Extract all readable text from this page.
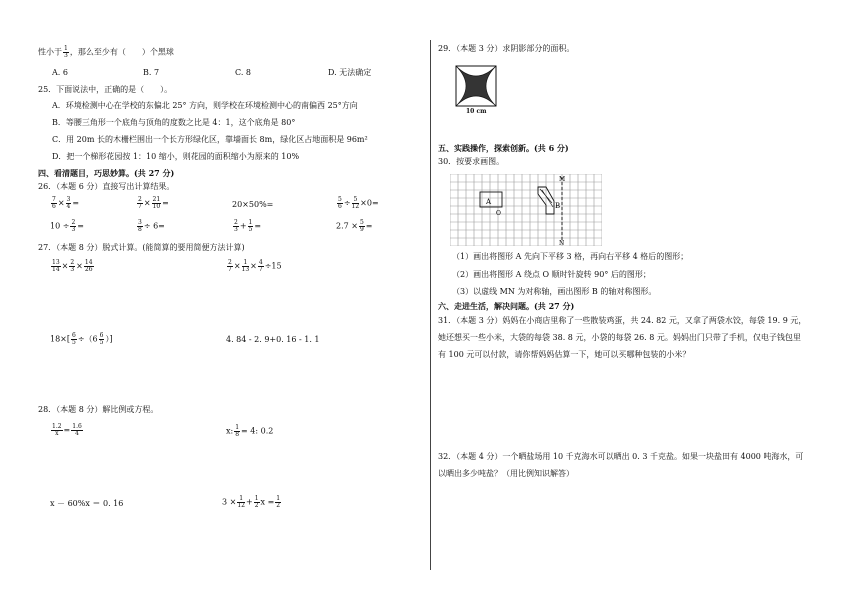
性小于 $\frac{1}{3}$ ，那么至少有（　　）个黑球
A. 6	B. 7	C. 8	D. 无法确定
25．下面说法中，正确的是（　　）。
A．环境检测中心在学校的东偏北 25° 方向，则学校在环境检测中心的南偏西 25°方向
B．等腰三角形一个底角与顶角的度数之比是 4：1，这个底角是 80°
C．用 20m 长的木栅栏围出一个长方形绿化区，靠墙面长 8m，绿化区占地面积是 96m²
D．把一个梯形花园按 1：10 缩小，则花园的面积缩小为原来的 10%
四、看清题目，巧思妙算。(共 27 分)
26．（本题 6 分）直接写出计算结果。
$\frac{7}{6} \times \frac{3}{4}$ =	$\frac{2}{7} \times \frac{21}{10}$ =	20×50%=	$\frac{5}{6} \div \frac{5}{12} \times 0=$
$10 \div \frac{2}{3}$ =	$\frac{3}{8} \div 6=$	$\frac{2}{3} + \frac{1}{5}$ =	$2.7 \times \frac{5}{9}$ =
27．（本题 8 分）脱式计算。(能简算的要用简便方法计算)
$\frac{13}{14} \times \frac{2}{3} \times \frac{14}{26}$	$\frac{2}{7} \times \frac{1}{13} \times \frac{4}{7} \div 15$
$18\times[ \frac{6}{5} \div(6 \frac{6}{5}$ ）]	4. 84 - 2. 9+0. 16 - 1. 1
28．（本题 8 分）解比例或方程。
$\frac{1.2}{x} = \frac{1.6}{4}$	x: $\frac{1}{8} = 4$: 0.2
x － 60%x ＝ 0. 16	$3 \times \frac{1}{12} + \frac{1}{2}$ $x = \frac{1}{2}$
29．（本题 3 分）求阴影部分的面积。
10 cm
五、实践操作，探索创新。(共 6 分)
30．按要求画图。
A
O
B
M
N
（1）画出将图形 A 先向下平移 3 格，再向右平移 4 格后的图形；
（2）画出将图形 A 绕点 O 顺时针旋转 90° 后的图形；
（3）以虚线 MN 为对称轴，画出图形 B 的轴对称图形。
六、走进生活，解决问题。(共 27 分)
31．（本题 3 分）妈妈在小商店里称了一些散装鸡蛋，共 24. 82 元，又拿了两袋水饺，每袋 19. 9 元，
她还想买一些小米，大袋的每袋 38. 8 元，小袋的每袋 26. 8 元。妈妈出门只带了手机，仅电子钱包里
有 100 元可以付款，请你帮妈妈估算一下，她可以买哪种包装的小米？
32．（本题 4 分）一个晒盐场用 10 千克海水可以晒出 0. 3 千克盐。如果一块盐田有 4000 吨海水，可
以晒出多少吨盐？（用比例知识解答）
